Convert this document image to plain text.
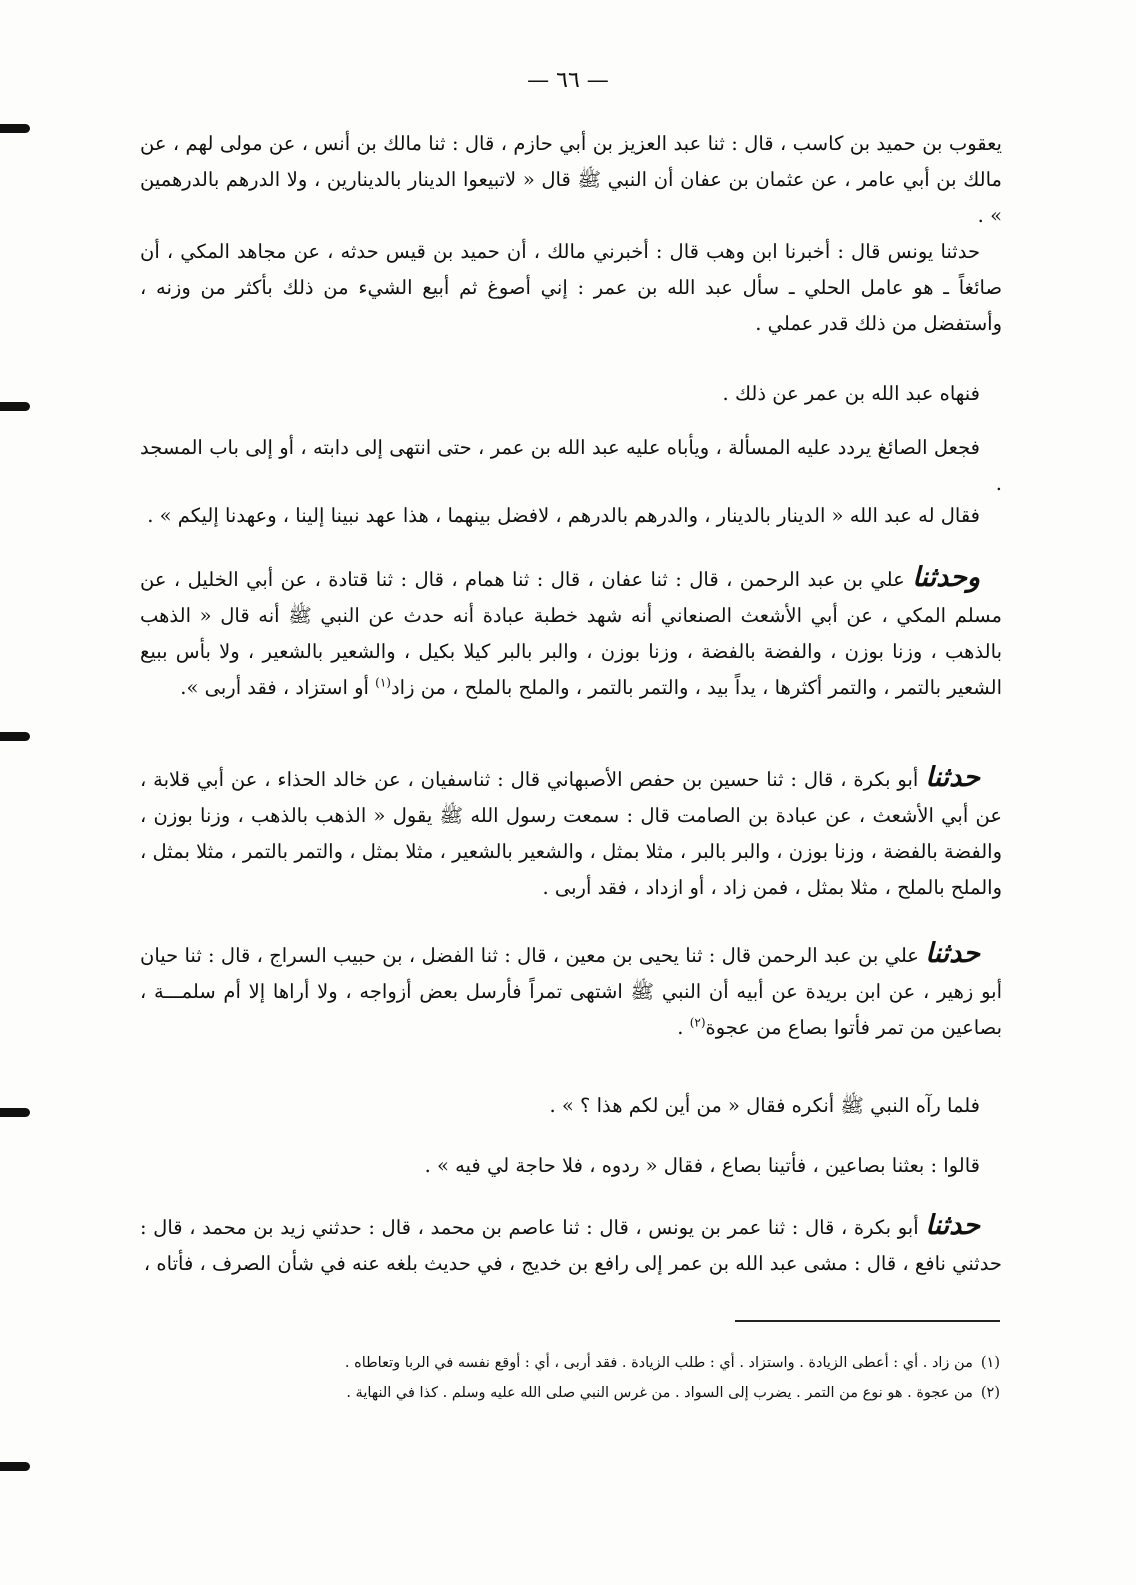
— ٦٦ —

يعقوب بن حميد بن كاسب ، قال : ثنا عبد العزيز بن أبي حازم ، قال : ثنا مالك بن أنس ، عن مولى لهم ، عن مالك بن أبي عامر ، عن عثمان بن عفان أن النبي ﷺ قال « لاتبيعوا الدينار بالدينارين ، ولا الدرهم بالدرهمين » .

حدثنا يونس قال : أخبرنا ابن وهب قال : أخبرني مالك ، أن حميد بن قيس حدثه ، عن مجاهد المكي ، أن صائغاً ـ هو عامل الحلي ـ سأل عبد الله بن عمر : إني أصوغ ثم أبيع الشيء من ذلك بأكثر من وزنه ، وأستفضل من ذلك قدر عملي .

فنهاه عبد الله بن عمر عن ذلك .

فجعل الصائغ يردد عليه المسألة ، ويأباه عليه عبد الله بن عمر ، حتى انتهى إلى دابته ، أو إلى باب المسجد .

فقال له عبد الله « الدينار بالدينار ، والدرهم بالدرهم ، لافضل بينهما ، هذا عهد نبينا إلينا ، وعهدنا إليكم » .

وحدثنا علي بن عبد الرحمن ، قال : ثنا عفان ، قال : ثنا همام ، قال : ثنا قتادة ، عن أبي الخليل ، عن مسلم المكي ، عن أبي الأشعث الصنعاني أنه شهد خطبة عبادة أنه حدث عن النبي ﷺ أنه قال « الذهب بالذهب ، وزنا بوزن ، والفضة بالفضة ، وزنا بوزن ، والبر بالبر كيلا بكيل ، والشعير بالشعير ، ولا بأس ببيع الشعير بالتمر ، والتمر أكثرها ، يداً بيد ، والتمر بالتمر ، والملح بالملح ، من زاد$^{(١)}$ أو استزاد ، فقد أربى ».

حدثنا أبو بكرة ، قال : ثنا حسين بن حفص الأصبهاني قال : ثناسفيان ، عن خالد الحذاء ، عن أبي قلابة ، عن أبي الأشعث ، عن عبادة بن الصامت قال : سمعت رسول الله ﷺ يقول « الذهب بالذهب ، وزنا بوزن ، والفضة بالفضة ، وزنا بوزن ، والبر بالبر ، مثلا بمثل ، والشعير بالشعير ، مثلا بمثل ، والتمر بالتمر ، مثلا بمثل ، والملح بالملح ، مثلا بمثل ، فمن زاد ، أو ازداد ، فقد أربى .

حدثنا علي بن عبد الرحمن قال : ثنا يحيى بن معين ، قال : ثنا الفضل ، بن حبيب السراج ، قال : ثنا حيان أبو زهير ، عن ابن بريدة عن أبيه أن النبي ﷺ اشتهى تمراً فأرسل بعض أزواجه ، ولا أراها إلا أم سلمـــة ، بصاعين من تمر فأتوا بصاع من عجوة$^{(٢)}$ .

فلما رآه النبي ﷺ أنكره فقال « من أين لكم هذا ؟ » .

قالوا : بعثنا بصاعين ، فأتينا بصاع ، فقال « ردوه ، فلا حاجة لي فيه » .

حدثنا أبو بكرة ، قال : ثنا عمر بن يونس ، قال : ثنا عاصم بن محمد ، قال : حدثني زيد بن محمد ، قال : حدثني نافع ، قال : مشى عبد الله بن عمر إلى رافع بن خديج ، في حديث بلغه عنه في شأن الصرف ، فأتاه ،

(١)من زاد . أي : أعطى الزيادة . واستزاد . أي : طلب الزيادة . فقد أربى ، أي : أوقع نفسه في الربا وتعاطاه .
(٢)من عجوة . هو نوع من التمر . يضرب إلى السواد . من غرس النبي صلى الله عليه وسلم . كذا في النهاية .
